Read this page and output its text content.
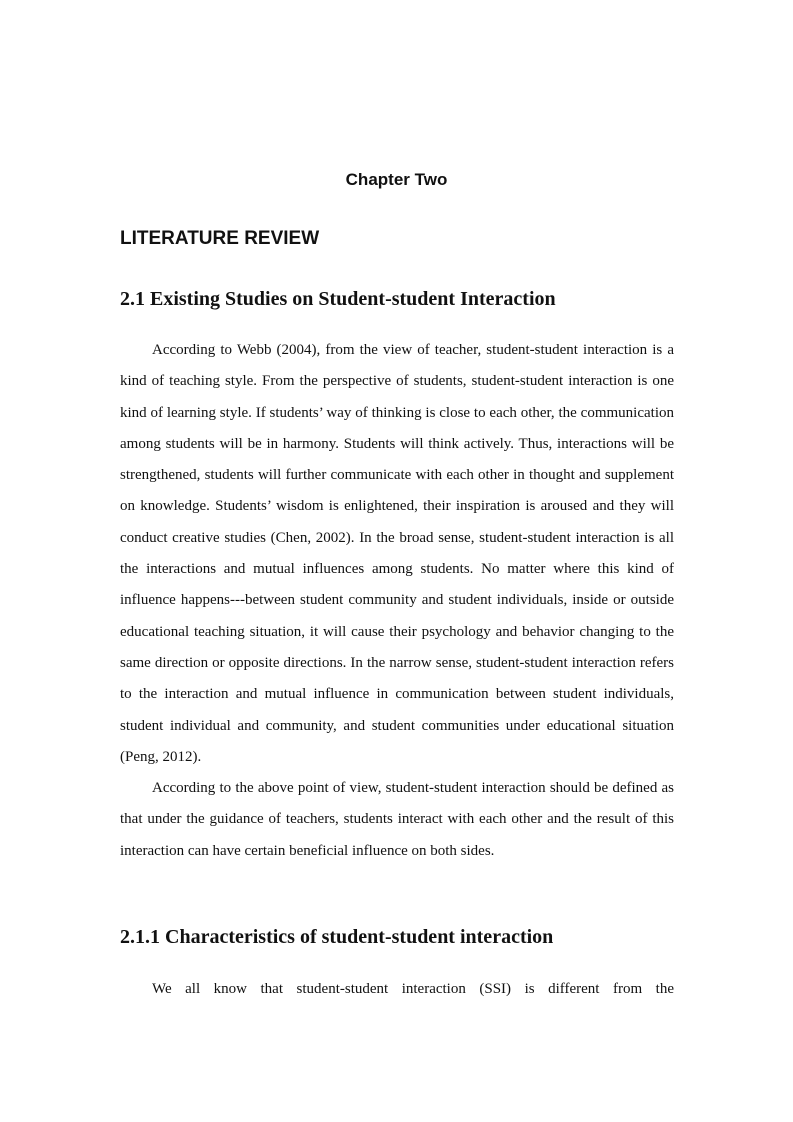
Chapter Two
LITERATURE REVIEW
2.1 Existing Studies on Student-student Interaction

According to Webb (2004), from the view of teacher, student-student interaction is a kind of teaching style. From the perspective of students, student-student interaction is one kind of learning style. If students’ way of thinking is close to each other, the communication among students will be in harmony. Students will think actively. Thus, interactions will be strengthened, students will further communicate with each other in thought and supplement on knowledge. Students’ wisdom is enlightened, their inspiration is aroused and they will conduct creative studies (Chen, 2002). In the broad sense, student-student interaction is all the interactions and mutual influences among students. No matter where this kind of influence happens---between student community and student individuals, inside or outside educational teaching situation, it will cause their psychology and behavior changing to the same direction or opposite directions. In the narrow sense, student-student interaction refers to the interaction and mutual influence in communication between student individuals, student individual and community, and student communities under educational situation (Peng, 2012).

According to the above point of view, student-student interaction should be defined as that under the guidance of teachers, students interact with each other and the result of this interaction can have certain beneficial influence on both sides.

2.1.1 Characteristics of student-student interaction

We all know that student-student interaction (SSI) is different from the
